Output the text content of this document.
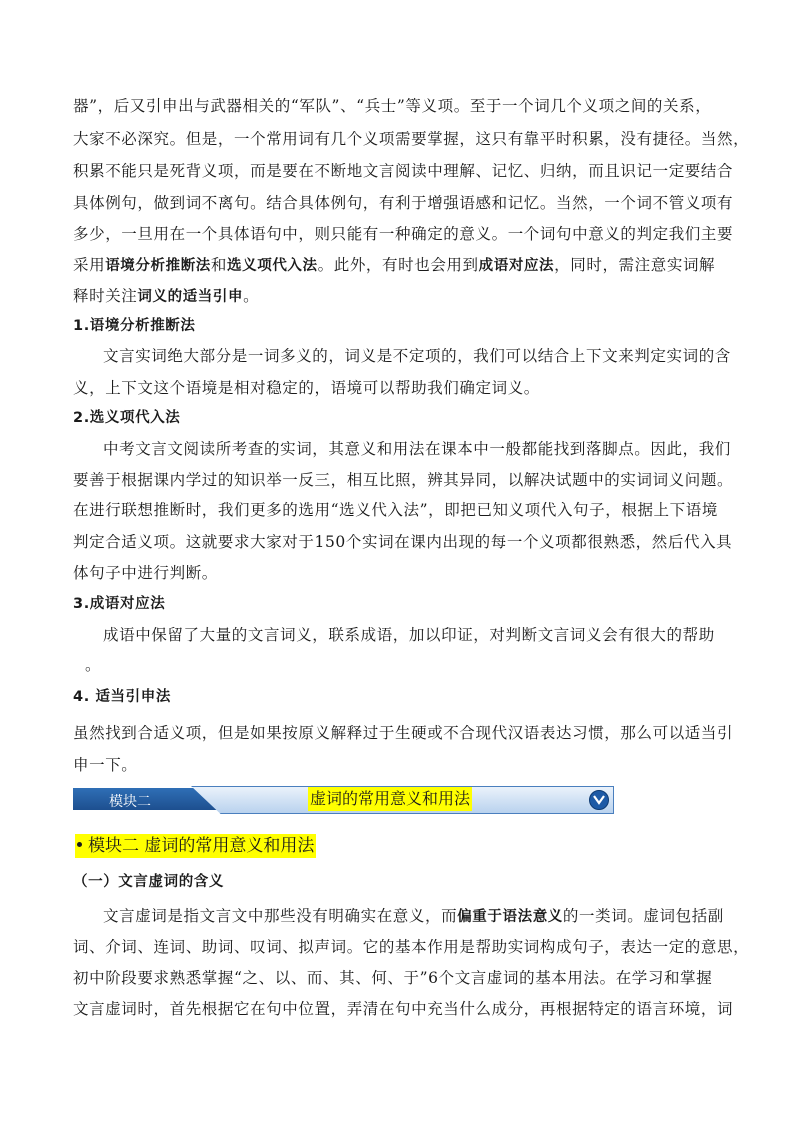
器”，后又引申出与武器相关的“军队”、“兵士”等义项。至于一个词几个义项之间的关系，
大家不必深究。但是，一个常用词有几个义项需要掌握，这只有靠平时积累，没有捷径。当然，
积累不能只是死背义项，而是要在不断地文言阅读中理解、记忆、归纳，而且识记一定要结合
具体例句，做到词不离句。结合具体例句，有利于增强语感和记忆。当然，一个词不管义项有
多少，一旦用在一个具体语句中，则只能有一种确定的意义。一个词句中意义的判定我们主要
采用语境分析推断法和选义项代入法。此外，有时也会用到成语对应法，同时，需注意实词解
释时关注词义的适当引申。
1.语境分析推断法
文言实词绝大部分是一词多义的，词义是不定项的，我们可以结合上下文来判定实词的含
义，上下文这个语境是相对稳定的，语境可以帮助我们确定词义。
2.选义项代入法
中考文言文阅读所考查的实词，其意义和用法在课本中一般都能找到落脚点。因此，我们
要善于根据课内学过的知识举一反三，相互比照，辨其异同，以解决试题中的实词词义问题。
在进行联想推断时，我们更多的选用“选义代入法”，即把已知义项代入句子，根据上下语境
判定合适义项。这就要求大家对于150个实词在课内出现的每一个义项都很熟悉，然后代入具
体句子中进行判断。
3.成语对应法
成语中保留了大量的文言词义，联系成语，加以印证，对判断文言词义会有很大的帮助
。
4. 适当引申法
虽然找到合适义项，但是如果按原义解释过于生硬或不合现代汉语表达习惯，那么可以适当引
申一下。
模块二	虚词的常用意义和用法
模块二 虚词的常用意义和用法
（一）文言虚词的含义
文言虚词是指文言文中那些没有明确实在意义，而偏重于语法意义的一类词。虚词包括副
词、介词、连词、助词、叹词、拟声词。它的基本作用是帮助实词构成句子，表达一定的意思，
初中阶段要求熟悉掌握“之、以、而、其、何、于”6个文言虚词的基本用法。在学习和掌握
文言虚词时，首先根据它在句中位置，弄清在句中充当什么成分，再根据特定的语言环境，词
